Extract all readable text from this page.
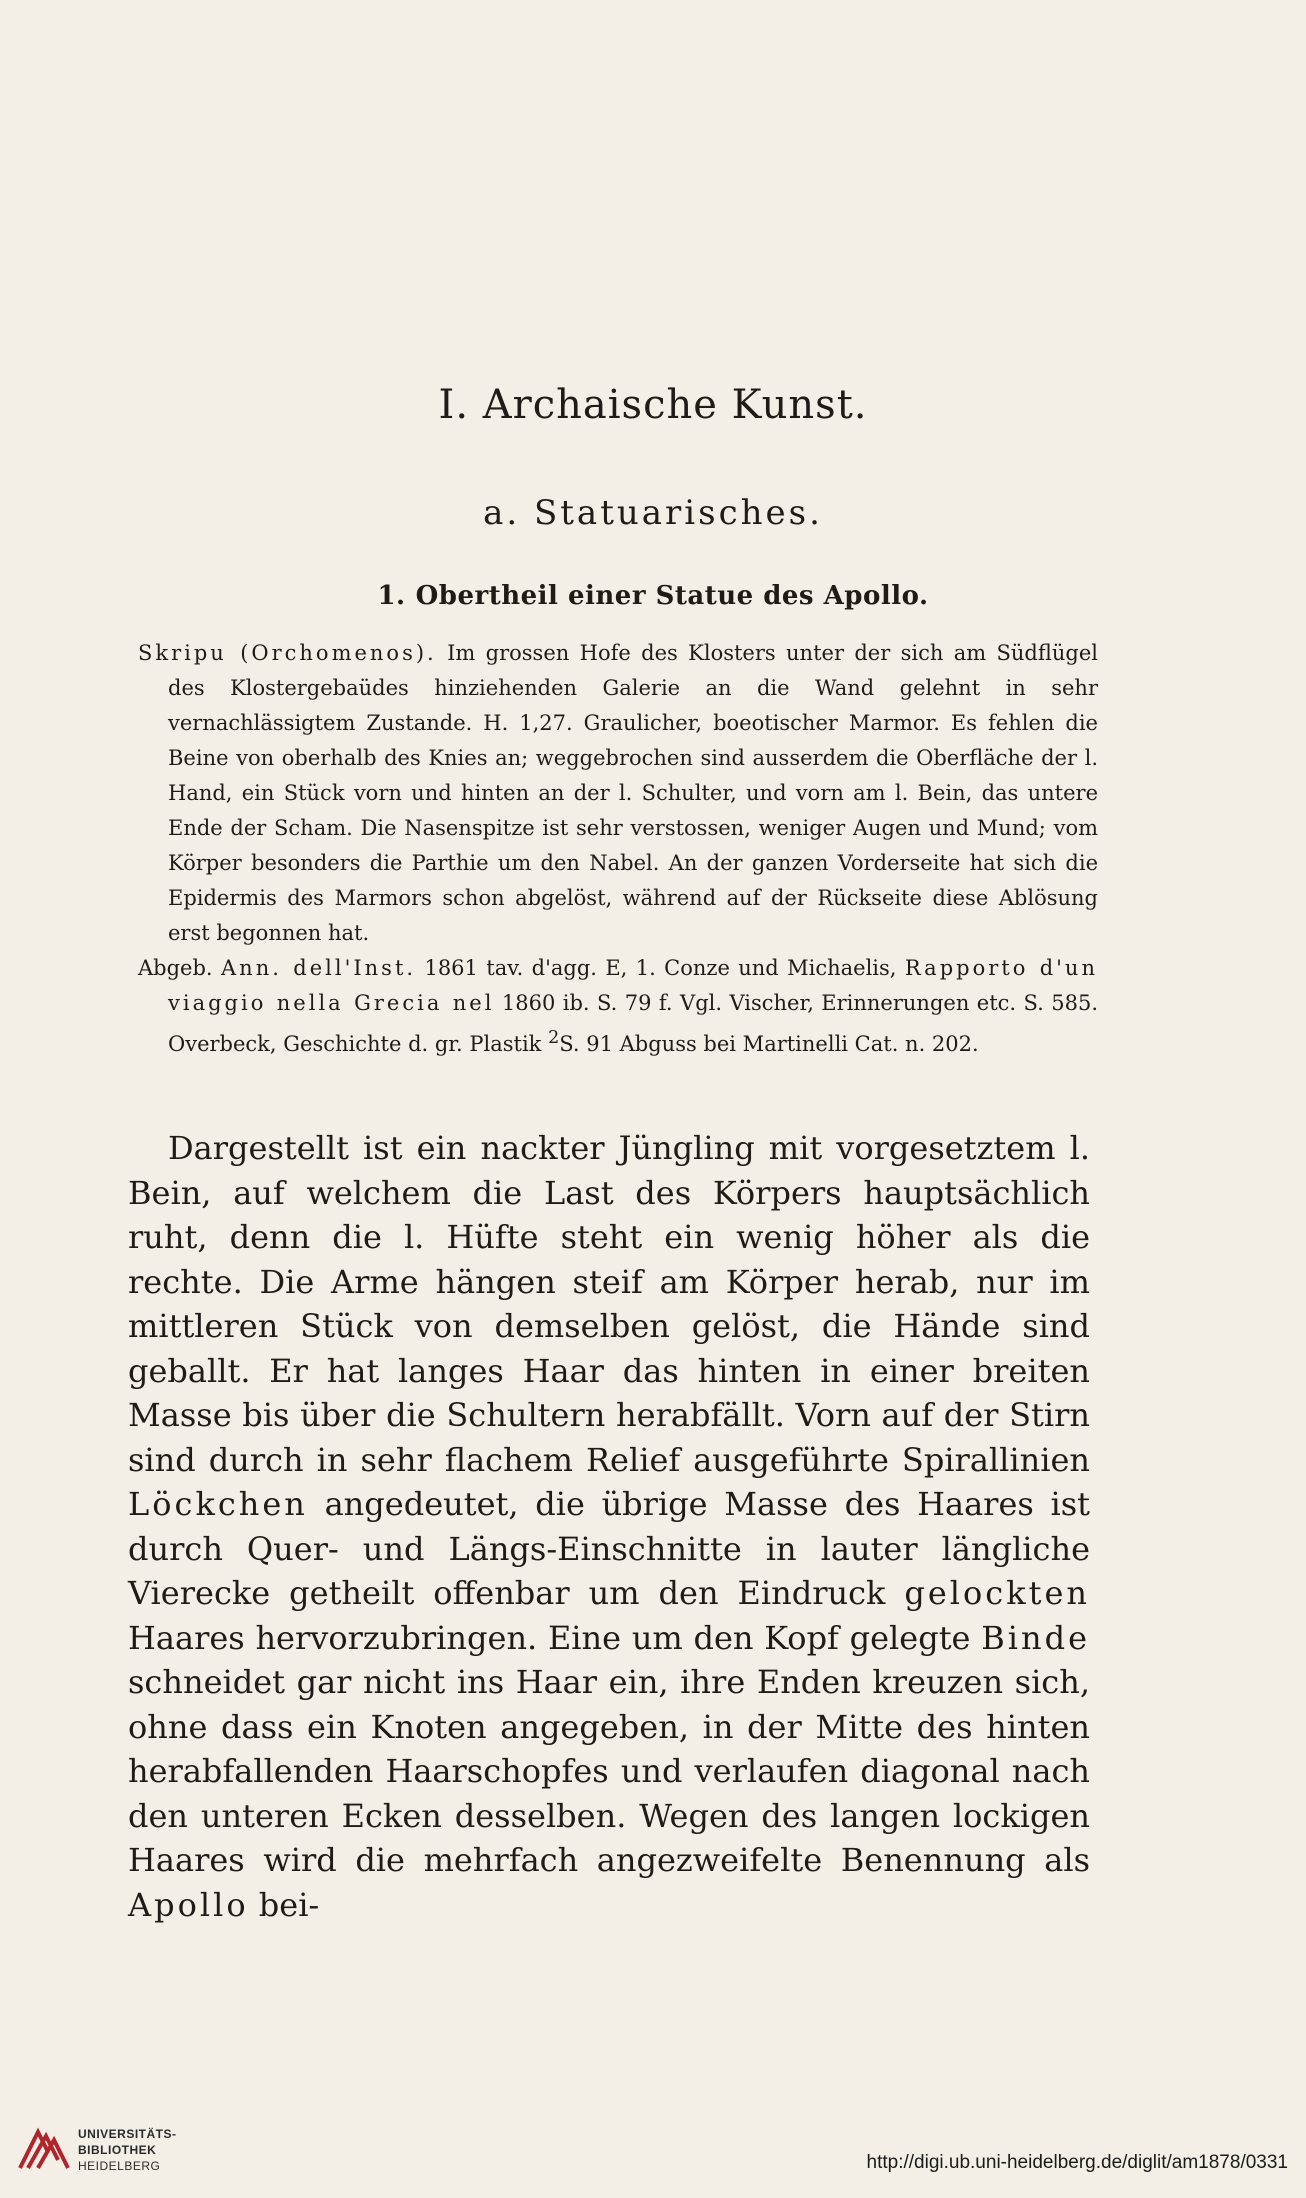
I. Archaische Kunst.
a. Statuarisches.
1. Obertheil einer Statue des Apollo.

Skripu (Orchomenos). Im grossen Hofe des Klosters unter der sich am Südflügel des Klostergebaüdes hinziehenden Galerie an die Wand gelehnt in sehr vernachlässigtem Zustande. H. 1,27. Graulicher, boeotischer Marmor. Es fehlen die Beine von oberhalb des Knies an; weggebrochen sind ausserdem die Oberfläche der l. Hand, ein Stück vorn und hinten an der l. Schulter, und vorn am l. Bein, das untere Ende der Scham. Die Nasenspitze ist sehr verstossen, weniger Augen und Mund; vom Körper besonders die Parthie um den Nabel. An der ganzen Vorderseite hat sich die Epidermis des Marmors schon abgelöst, während auf der Rückseite diese Ablösung erst begonnen hat.

Abgeb. Ann. dell'Inst. 1861 tav. d'agg. E, 1. Conze und Michaelis, Rapporto d'un viaggio nella Grecia nel 1860 ib. S. 79 f. Vgl. Vischer, Erinnerungen etc. S. 585. Overbeck, Geschichte d. gr. Plastik $^2$S. 91 Abguss bei Martinelli Cat. n. 202.

Dargestellt ist ein nackter Jüngling mit vorgesetztem l. Bein, auf welchem die Last des Körpers hauptsächlich ruht, denn die l. Hüfte steht ein wenig höher als die rechte. Die Arme hängen steif am Körper herab, nur im mittleren Stück von demselben gelöst, die Hände sind geballt. Er hat langes Haar das hinten in einer breiten Masse bis über die Schultern herabfällt. Vorn auf der Stirn sind durch in sehr flachem Relief ausgeführte Spirallinien Löckchen angedeutet, die übrige Masse des Haares ist durch Quer- und Längs-Einschnitte in lauter längliche Vierecke getheilt offenbar um den Eindruck gelockten Haares hervorzubringen. Eine um den Kopf gelegte Binde schneidet gar nicht ins Haar ein, ihre Enden kreuzen sich, ohne dass ein Knoten angegeben, in der Mitte des hinten herabfallenden Haarschopfes und verlaufen diagonal nach den unteren Ecken desselben. Wegen des langen lockigen Haares wird die mehrfach angezweifelte Benennung als Apollo bei-

UNIVERSITÄTS-
BIBLIOTHEK
HEIDELBERG	http://digi.ub.uni-heidelberg.de/diglit/am1878/0331
